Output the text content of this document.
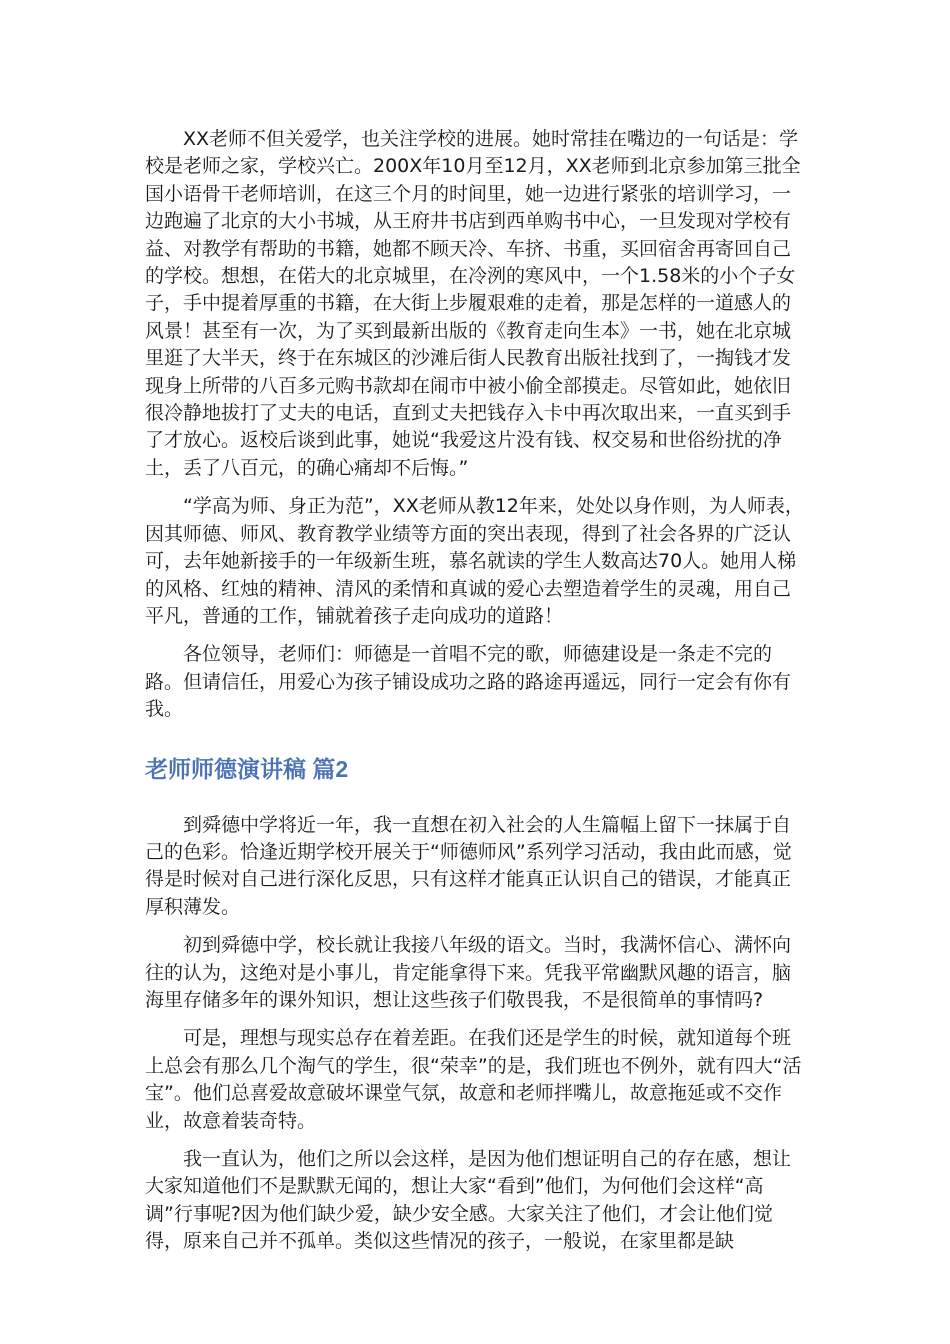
XX老师不但关爱学，也关注学校的进展。她时常挂在嘴边的一句话是：学校是老师之家，学校兴亡。200X年10月至12月，XX老师到北京参加第三批全国小语骨干老师培训，在这三个月的时间里，她一边进行紧张的培训学习，一边跑遍了北京的大小书城，从王府井书店到西单购书中心，一旦发现对学校有益、对教学有帮助的书籍，她都不顾天冷、车挤、书重，买回宿舍再寄回自己的学校。想想，在偌大的北京城里，在冷洌的寒风中，一个1.58米的小个子女子，手中提着厚重的书籍，在大街上步履艰难的走着，那是怎样的一道感人的风景！甚至有一次，为了买到最新出版的《教育走向生本》一书，她在北京城里逛了大半天，终于在东城区的沙滩后街人民教育出版社找到了，一掏钱才发现身上所带的八百多元购书款却在闹市中被小偷全部摸走。尽管如此，她依旧很冷静地拔打了丈夫的电话，直到丈夫把钱存入卡中再次取出来，一直买到手了才放心。返校后谈到此事，她说“我爱这片没有钱、权交易和世俗纷扰的净土，丢了八百元，的确心痛却不后悔。”

“学高为师、身正为范”，XX老师从教12年来，处处以身作则，为人师表，因其师德、师风、教育教学业绩等方面的突出表现，得到了社会各界的广泛认可，去年她新接手的一年级新生班，慕名就读的学生人数高达70人。她用人梯的风格、红烛的精神、清风的柔情和真诚的爱心去塑造着学生的灵魂，用自己平凡，普通的工作，铺就着孩子走向成功的道路！

各位领导，老师们：师德是一首唱不完的歌，师德建设是一条走不完的路。但请信任，用爱心为孩子铺设成功之路的路途再遥远，同行一定会有你有我。

老师师德演讲稿 篇2

到舜德中学将近一年，我一直想在初入社会的人生篇幅上留下一抹属于自己的色彩。恰逢近期学校开展关于“师德师风”系列学习活动，我由此而感，觉得是时候对自己进行深化反思，只有这样才能真正认识自己的错误，才能真正厚积薄发。

初到舜德中学，校长就让我接八年级的语文。当时，我满怀信心、满怀向往的认为，这绝对是小事儿，肯定能拿得下来。凭我平常幽默风趣的语言，脑海里存储多年的课外知识，想让这些孩子们敬畏我，不是很简单的事情吗?

可是，理想与现实总存在着差距。在我们还是学生的时候，就知道每个班上总会有那么几个淘气的学生，很“荣幸”的是，我们班也不例外，就有四大“活宝”。他们总喜爱故意破坏课堂气氛，故意和老师拌嘴儿，故意拖延或不交作业，故意着装奇特。

我一直认为，他们之所以会这样，是因为他们想证明自己的存在感，想让大家知道他们不是默默无闻的，想让大家“看到”他们，为何他们会这样“高调”行事呢?因为他们缺少爱，缺少安全感。大家关注了他们，才会让他们觉得，原来自己并不孤单。类似这些情况的孩子，一般说，在家里都是缺
